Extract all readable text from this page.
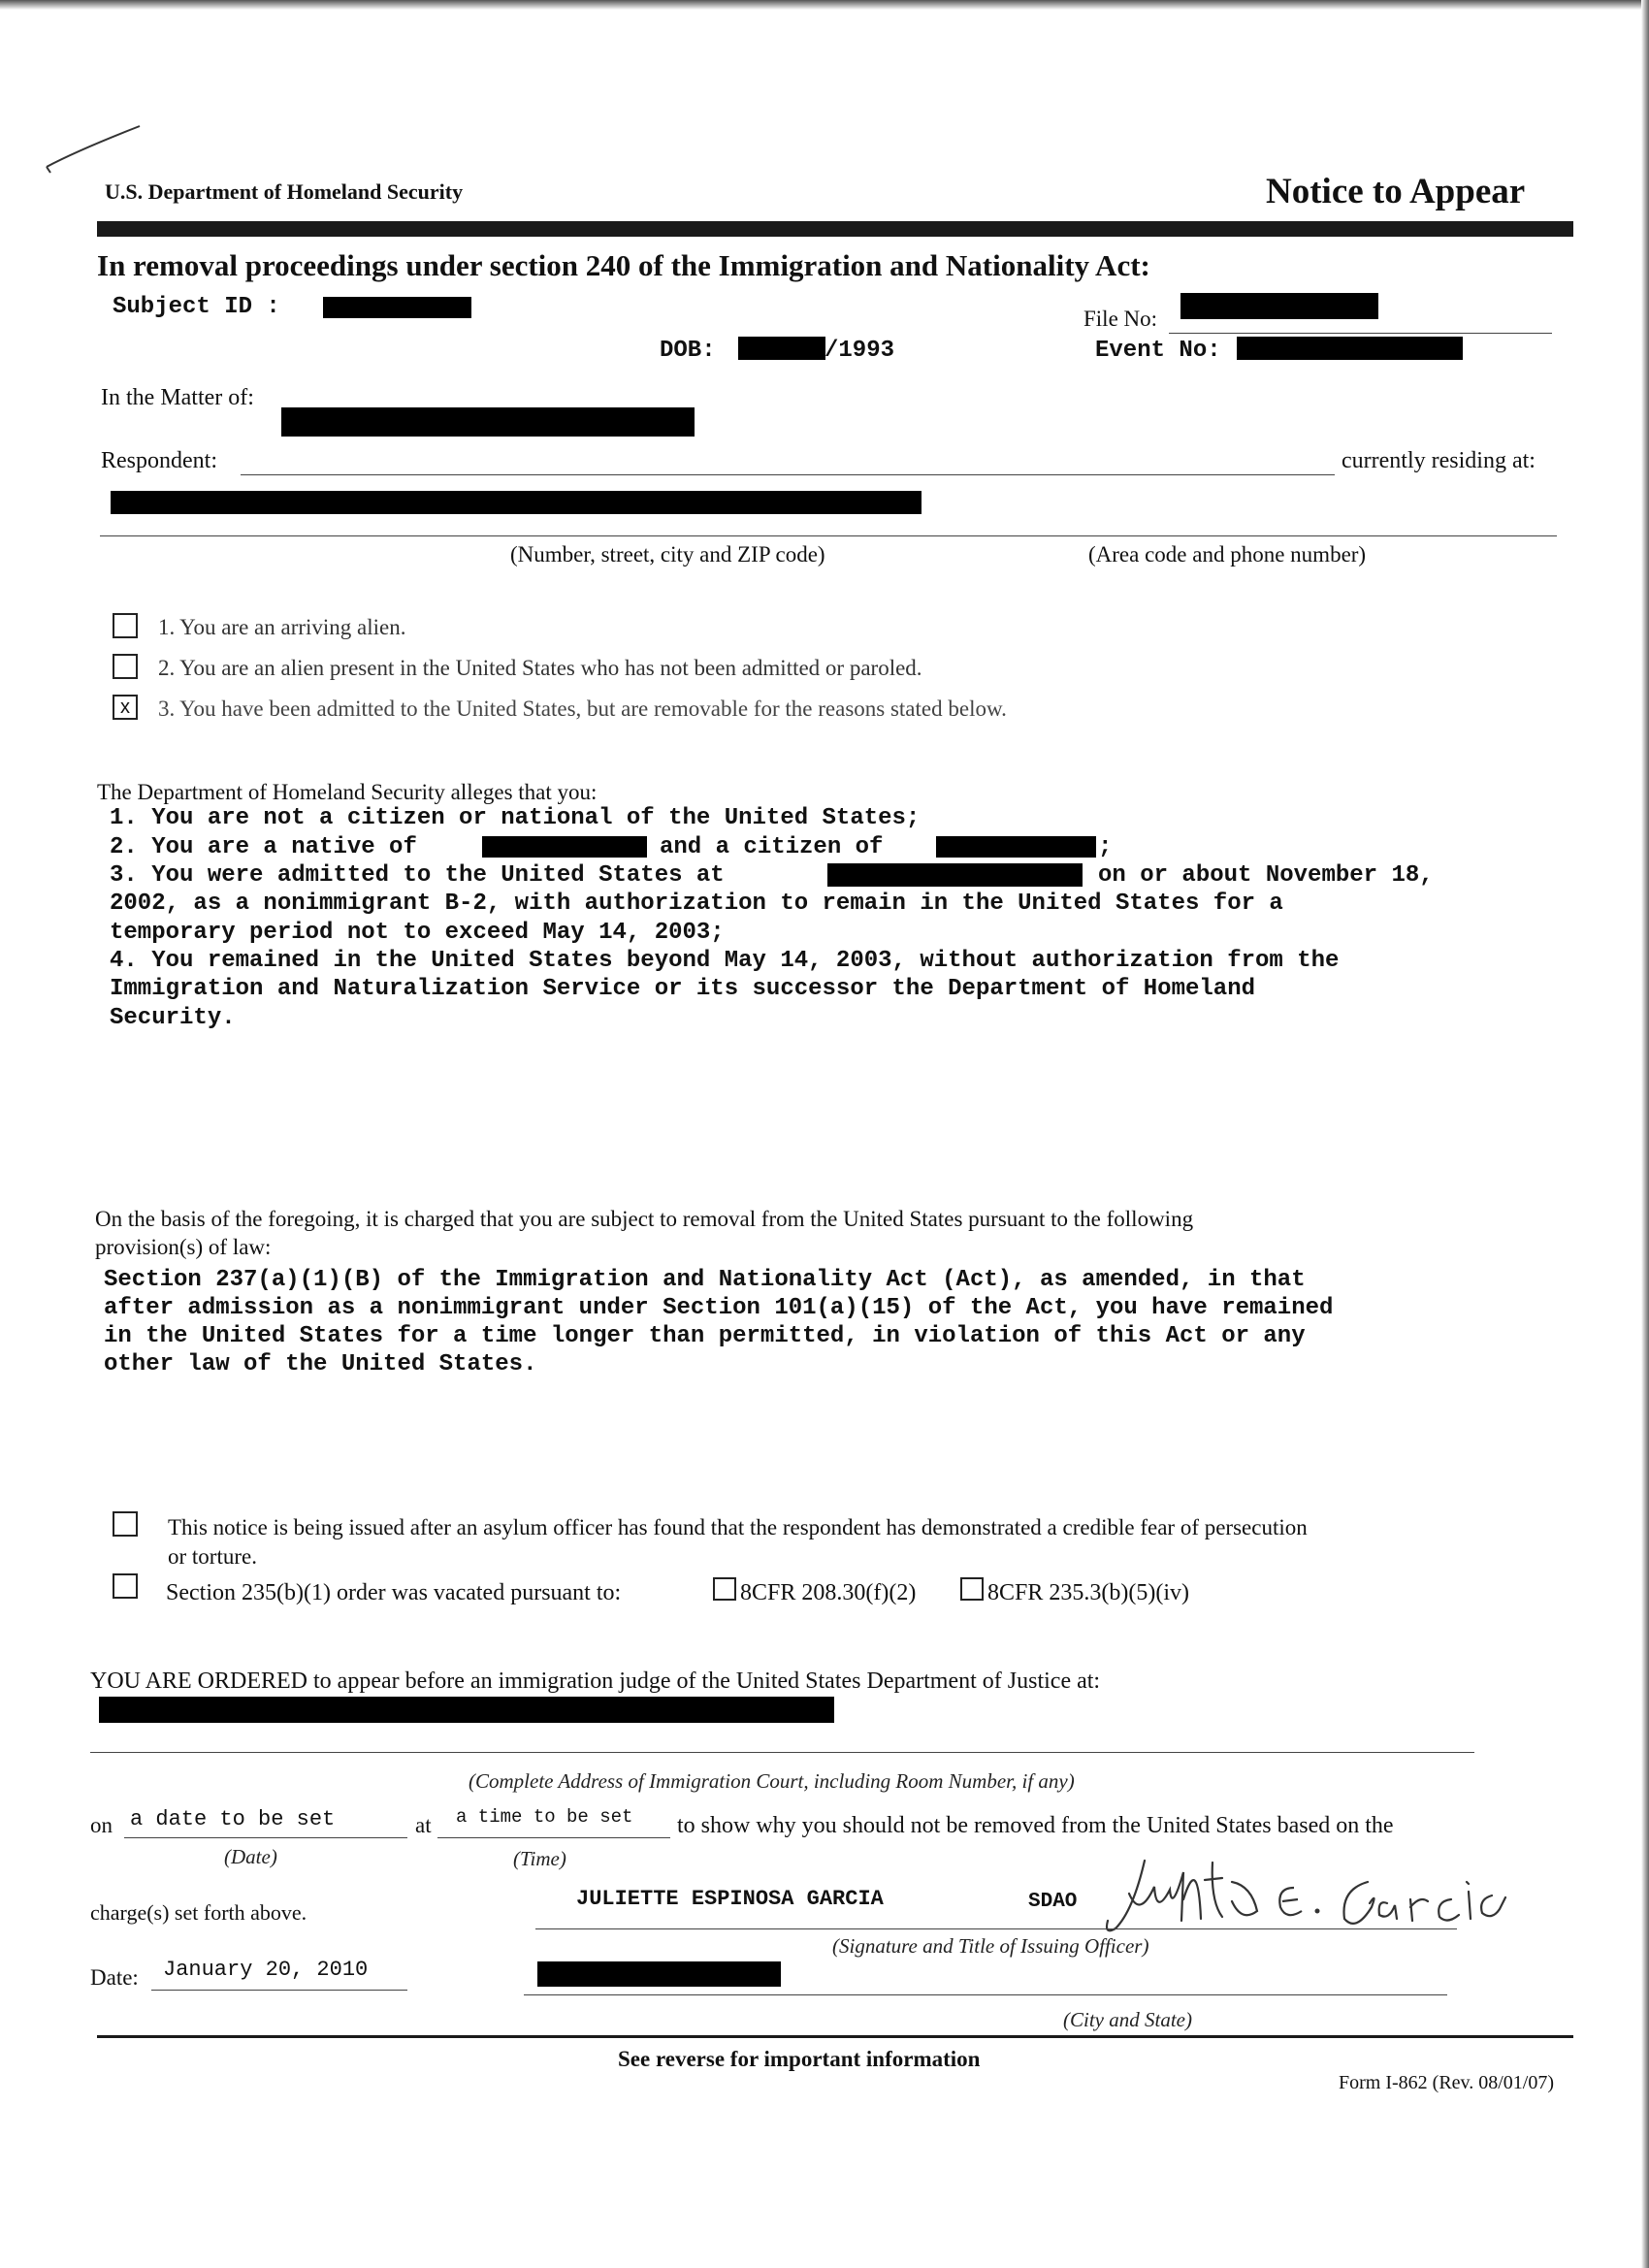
U.S. Department of Homeland Security	Notice to Appear
In removal proceedings under section 240 of the Immigration and Nationality Act:
Subject ID :	File No:
DOB:	/1993	Event No:
In the Matter of:
Respondent:	currently residing at:
(Number, street, city and ZIP code)	(Area code and phone number)
1. You are an arriving alien.
2. You are an alien present in the United States who has not been admitted or paroled.
x	3. You have been admitted to the United States, but are removable for the reasons stated below.
The Department of Homeland Security alleges that you:
1. You are not a citizen or national of the United States;
2. You are a native of	and a citizen of	;
3. You were admitted to the United States at	on or about November 18,
2002, as a nonimmigrant B-2, with authorization to remain in the United States for a
temporary period not to exceed May 14, 2003;
4. You remained in the United States beyond May 14, 2003, without authorization from the
Immigration and Naturalization Service or its successor the Department of Homeland
Security.
On the basis of the foregoing, it is charged that you are subject to removal from the United States pursuant to the following
provision(s) of law:
Section 237(a)(1)(B) of the Immigration and Nationality Act (Act), as amended, in that
after admission as a nonimmigrant under Section 101(a)(15) of the Act, you have remained
in the United States for a time longer than permitted, in violation of this Act or any
other law of the United States.
This notice is being issued after an asylum officer has found that the respondent has demonstrated a credible fear of persecution
or torture.
Section 235(b)(1) order was vacated pursuant to:	8CFR 208.30(f)(2)	8CFR 235.3(b)(5)(iv)
YOU ARE ORDERED to appear before an immigration judge of the United States Department of Justice at:
(Complete Address of Immigration Court, including Room Number, if any)
on a date to be set	at a time to be set to show why you should not be removed from the United States based on the
(Date)	(Time)
charge(s) set forth above.
JULIETTE ESPINOSA GARCIA	SDAO
(Signature and Title of Issuing Officer)
Date: January 20, 2010
(City and State)
See reverse for important information
Form I-862 (Rev. 08/01/07)
